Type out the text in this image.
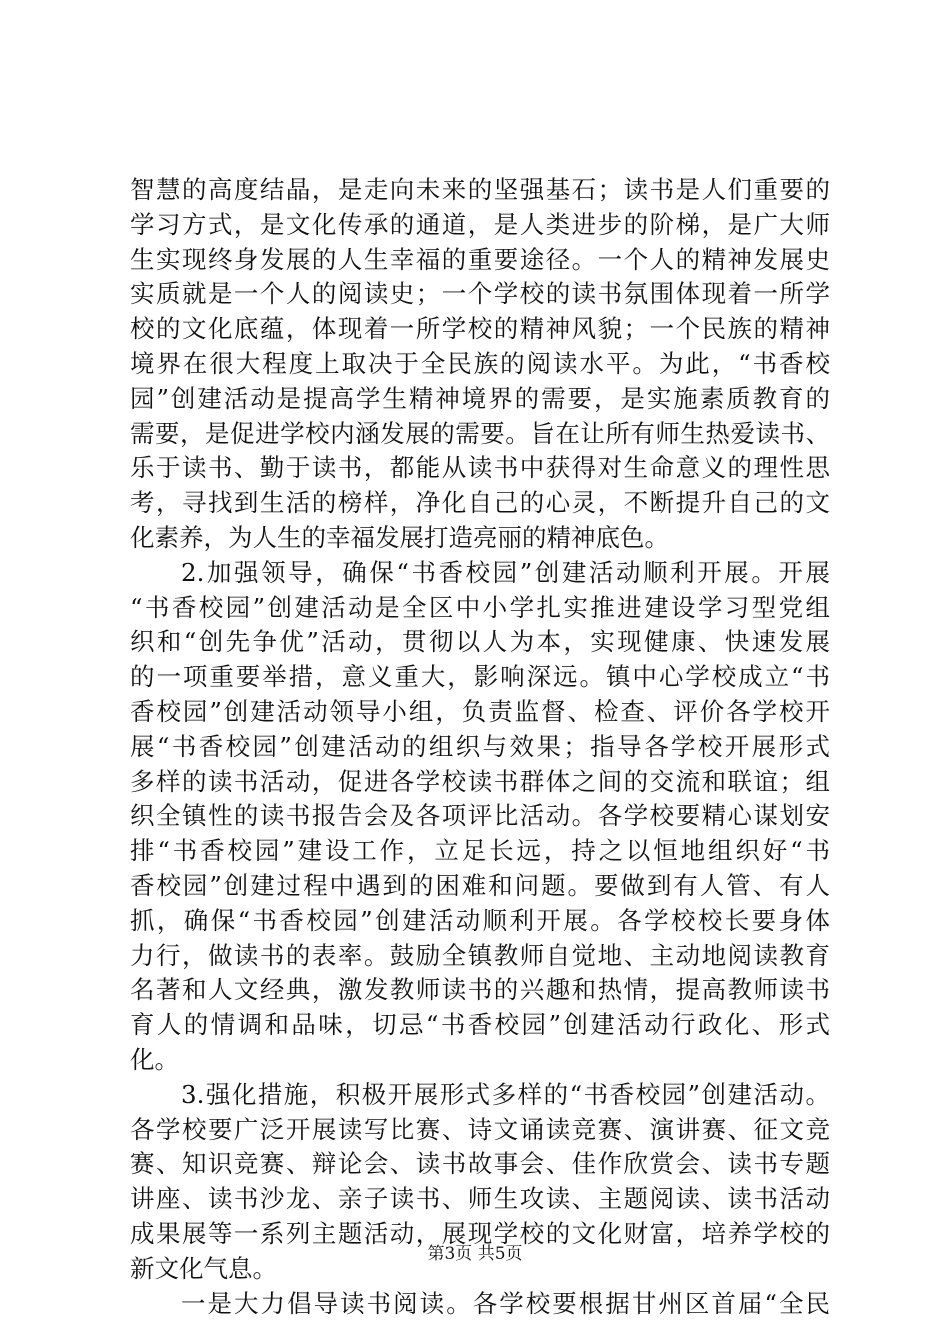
智慧的高度结晶，是走向未来的坚强基石；读书是人们重要的
学习方式，是文化传承的通道，是人类进步的阶梯，是广大师
生实现终身发展的人生幸福的重要途径。一个人的精神发展史
实质就是一个人的阅读史；一个学校的读书氛围体现着一所学
校的文化底蕴，体现着一所学校的精神风貌；一个民族的精神
境界在很大程度上取决于全民族的阅读水平。为此，“书香校
园”创建活动是提高学生精神境界的需要，是实施素质教育的
需要，是促进学校内涵发展的需要。旨在让所有师生热爱读书、
乐于读书、勤于读书，都能从读书中获得对生命意义的理性思
考，寻找到生活的榜样，净化自己的心灵，不断提升自己的文
化素养，为人生的幸福发展打造亮丽的精神底色。
2.加强领导，确保“书香校园”创建活动顺利开展。开展
“书香校园”创建活动是全区中小学扎实推进建设学习型党组
织和“创先争优”活动，贯彻以人为本，实现健康、快速发展
的一项重要举措，意义重大，影响深远。镇中心学校成立“书
香校园”创建活动领导小组，负责监督、检查、评价各学校开
展“书香校园”创建活动的组织与效果；指导各学校开展形式
多样的读书活动，促进各学校读书群体之间的交流和联谊；组
织全镇性的读书报告会及各项评比活动。各学校要精心谋划安
排“书香校园”建设工作，立足长远，持之以恒地组织好“书
香校园”创建过程中遇到的困难和问题。要做到有人管、有人
抓，确保“书香校园”创建活动顺利开展。各学校校长要身体
力行，做读书的表率。鼓励全镇教师自觉地、主动地阅读教育
名著和人文经典，激发教师读书的兴趣和热情，提高教师读书
育人的情调和品味，切忌“书香校园”创建活动行政化、形式
化。
3.强化措施，积极开展形式多样的“书香校园”创建活动。
各学校要广泛开展读写比赛、诗文诵读竞赛、演讲赛、征文竞
赛、知识竞赛、辩论会、读书故事会、佳作欣赏会、读书专题
讲座、读书沙龙、亲子读书、师生攻读、主题阅读、读书活动
成果展等一系列主题活动，展现学校的文化财富，培养学校的
新文化气息。
一是大力倡导读书阅读。各学校要根据甘州区首届“全民
第3页 共5页
